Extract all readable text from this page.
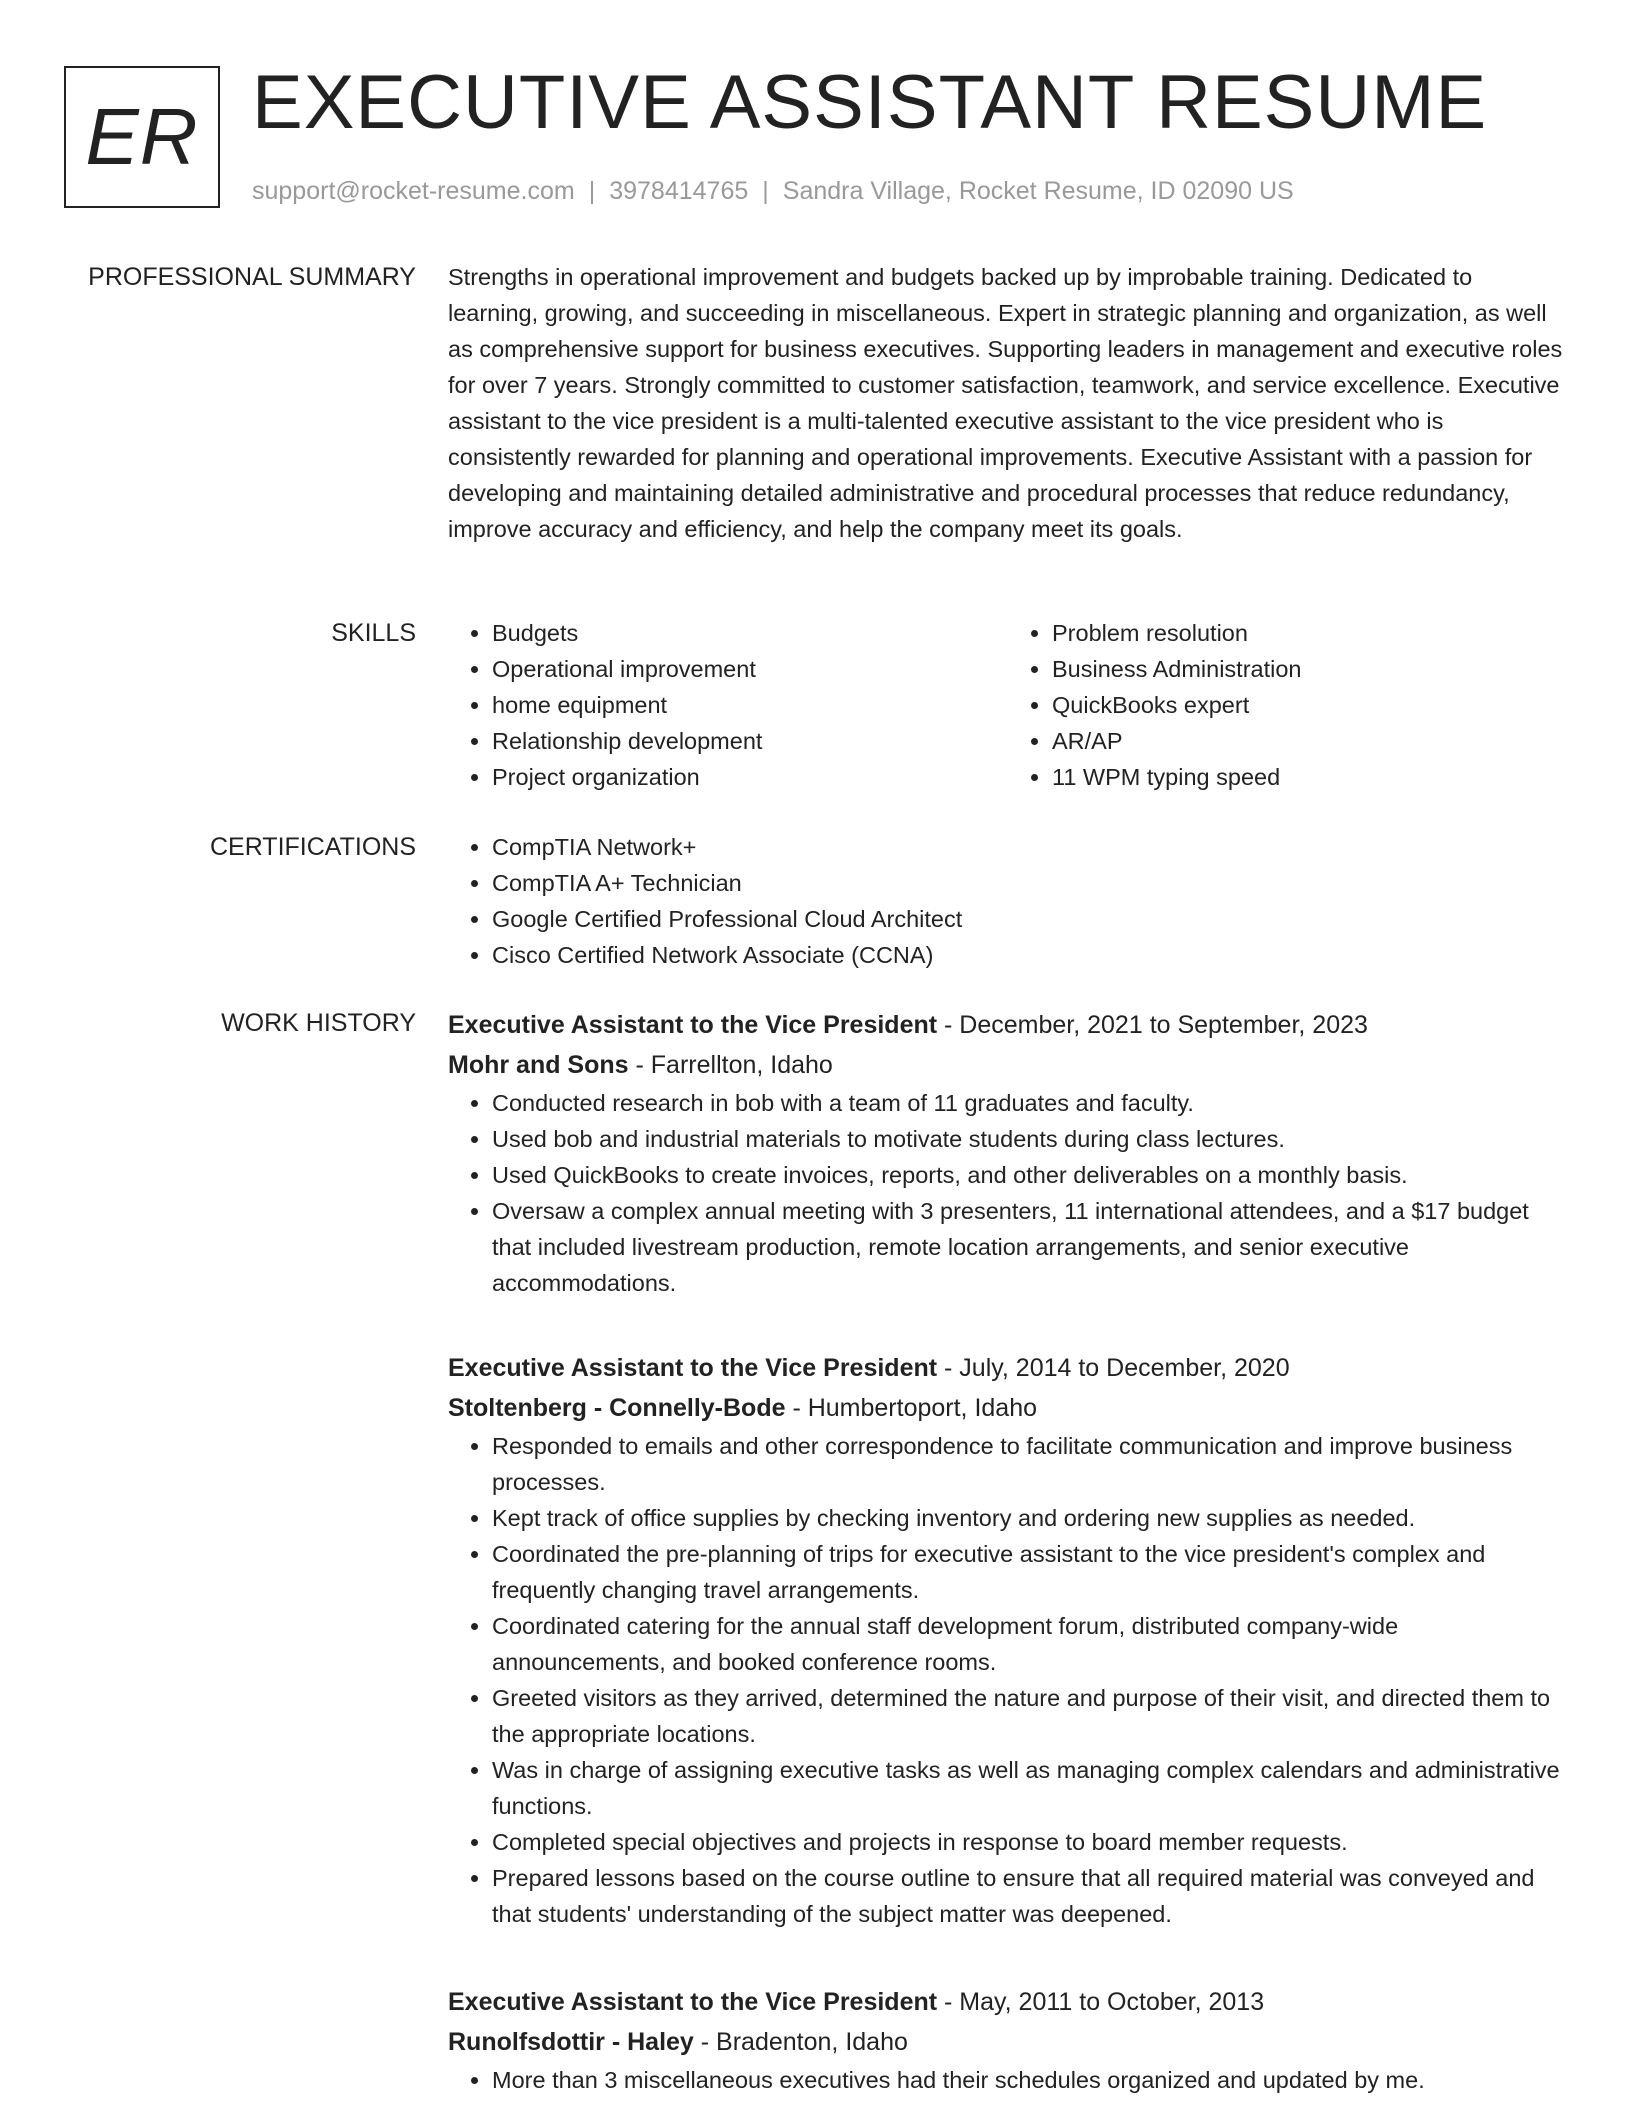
ER EXECUTIVE ASSISTANT RESUME
support@rocket-resume.com | 3978414765 | Sandra Village, Rocket Resume, ID 02090 US
PROFESSIONAL SUMMARY Strengths in operational improvement and budgets backed up by improbable training. Dedicated to learning, growing, and succeeding in miscellaneous. Expert in strategic planning and organization, as well as comprehensive support for business executives. Supporting leaders in management and executive roles for over 7 years. Strongly committed to customer satisfaction, teamwork, and service excellence. Executive assistant to the vice president is a multi-talented executive assistant to the vice president who is consistently rewarded for planning and operational improvements. Executive Assistant with a passion for developing and maintaining detailed administrative and procedural processes that reduce redundancy, improve accuracy and efficiency, and help the company meet its goals.

SKILLS	• Budgets
• Operational improvement
• home equipment
• Relationship development
• Project organization
• Problem resolution
• Business Administration
• QuickBooks expert
• AR/AP
• 11 WPM typing speed
CERTIFICATIONS	• CompTIA Network+
• CompTIA A+ Technician
• Google Certified Professional Cloud Architect
• Cisco Certified Network Associate (CCNA)
WORK HISTORY Executive Assistant to the Vice President - December, 2021 to September, 2023
Mohr and Sons - Farrellton, Idaho
• Conducted research in bob with a team of 11 graduates and faculty.
• Used bob and industrial materials to motivate students during class lectures.
• Used QuickBooks to create invoices, reports, and other deliverables on a monthly basis.
• Oversaw a complex annual meeting with 3 presenters, 11 international attendees, and a $17 budget that included livestream production, remote location arrangements, and senior executive accommodations.
Executive Assistant to the Vice President - July, 2014 to December, 2020
Stoltenberg - Connelly-Bode - Humbertoport, Idaho
• Responded to emails and other correspondence to facilitate communication and improve business processes.
• Kept track of office supplies by checking inventory and ordering new supplies as needed.
• Coordinated the pre-planning of trips for executive assistant to the vice president's complex and frequently changing travel arrangements.
• Coordinated catering for the annual staff development forum, distributed company-wide announcements, and booked conference rooms.
• Greeted visitors as they arrived, determined the nature and purpose of their visit, and directed them to the appropriate locations.
• Was in charge of assigning executive tasks as well as managing complex calendars and administrative functions.
• Completed special objectives and projects in response to board member requests.
• Prepared lessons based on the course outline to ensure that all required material was conveyed and that students' understanding of the subject matter was deepened.
Executive Assistant to the Vice President - May, 2011 to October, 2013
Runolfsdottir - Haley - Bradenton, Idaho
• More than 3 miscellaneous executives had their schedules organized and updated by me.
